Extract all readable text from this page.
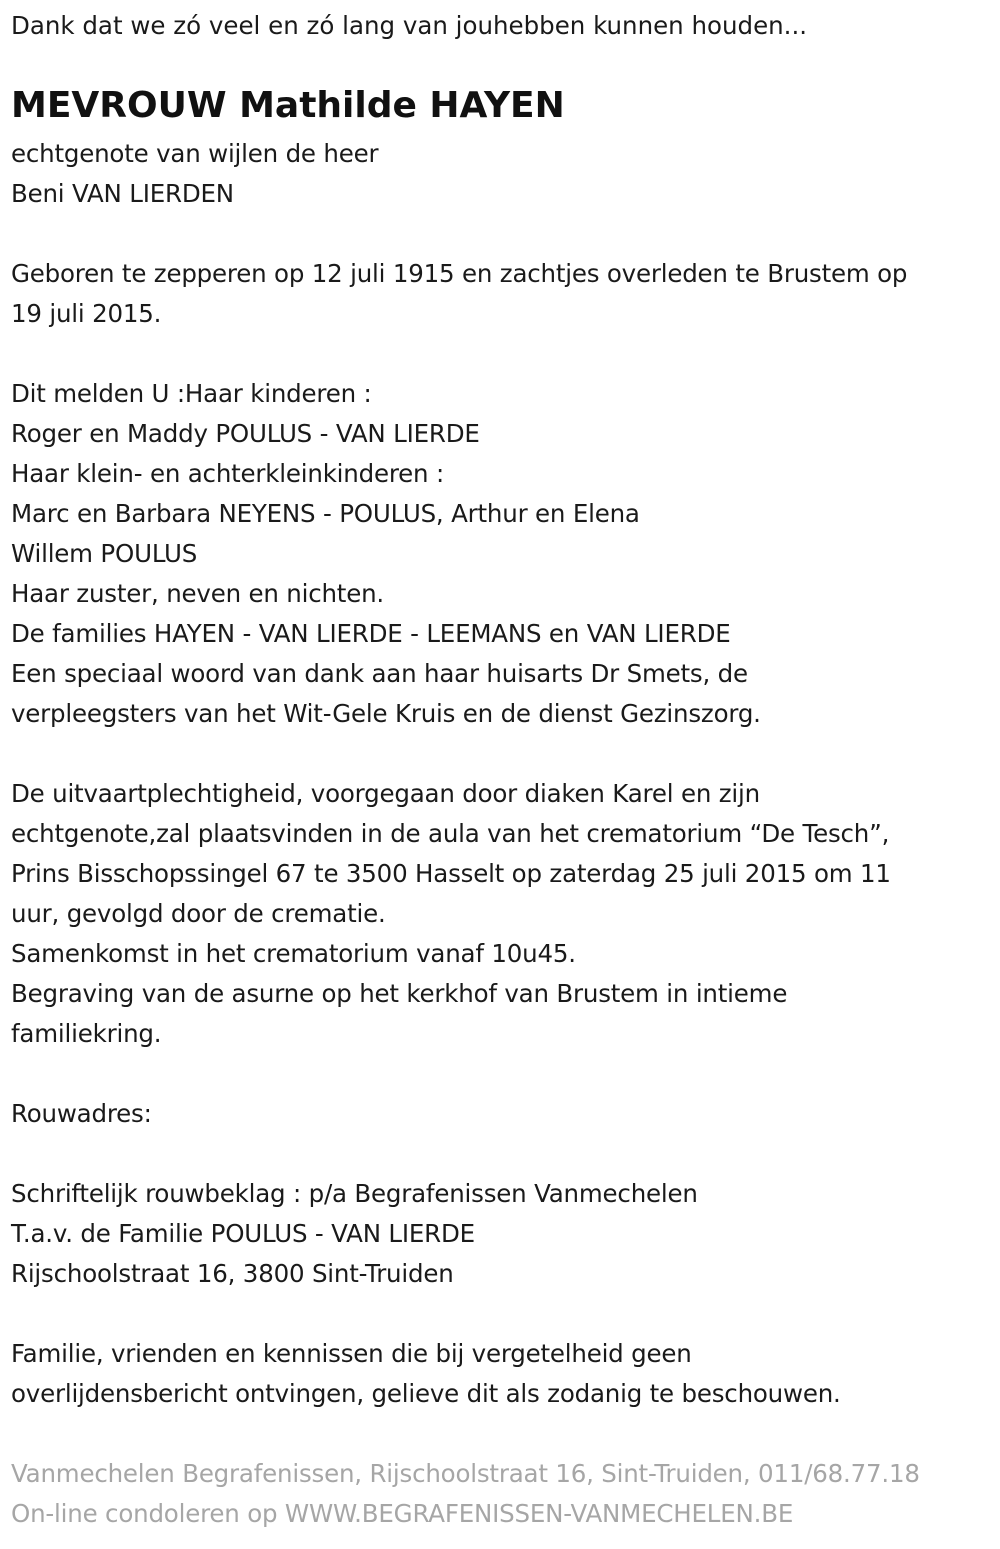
Dank dat we zó veel en zó lang van jouhebben kunnen houden...
MEVROUW Mathilde HAYEN
echtgenote van wijlen de heer
Beni VAN LIERDEN
Geboren te zepperen op 12 juli 1915 en zachtjes overleden te Brustem op
19 juli 2015.
Dit melden U :Haar kinderen :
Roger en Maddy POULUS - VAN LIERDE
Haar klein- en achterkleinkinderen :
Marc en Barbara NEYENS - POULUS, Arthur en Elena
Willem POULUS
Haar zuster, neven en nichten.
De families HAYEN - VAN LIERDE - LEEMANS en VAN LIERDE
Een speciaal woord van dank aan haar huisarts Dr Smets, de
verpleegsters van het Wit-Gele Kruis en de dienst Gezinszorg.
De uitvaartplechtigheid, voorgegaan door diaken Karel en zijn
echtgenote,zal plaatsvinden in de aula van het crematorium “De Tesch”,
Prins Bisschopssingel 67 te 3500 Hasselt op zaterdag 25 juli 2015 om 11
uur, gevolgd door de crematie.
Samenkomst in het crematorium vanaf 10u45.
Begraving van de asurne op het kerkhof van Brustem in intieme
familiekring.
Rouwadres:
Schriftelijk rouwbeklag : p/a Begrafenissen Vanmechelen
T.a.v. de Familie POULUS - VAN LIERDE
Rijschoolstraat 16, 3800 Sint-Truiden
Familie, vrienden en kennissen die bij vergetelheid geen
overlijdensbericht ontvingen, gelieve dit als zodanig te beschouwen.
Vanmechelen Begrafenissen, Rijschoolstraat 16, Sint-Truiden, 011/68.77.18
On-line condoleren op WWW.BEGRAFENISSEN-VANMECHELEN.BE
